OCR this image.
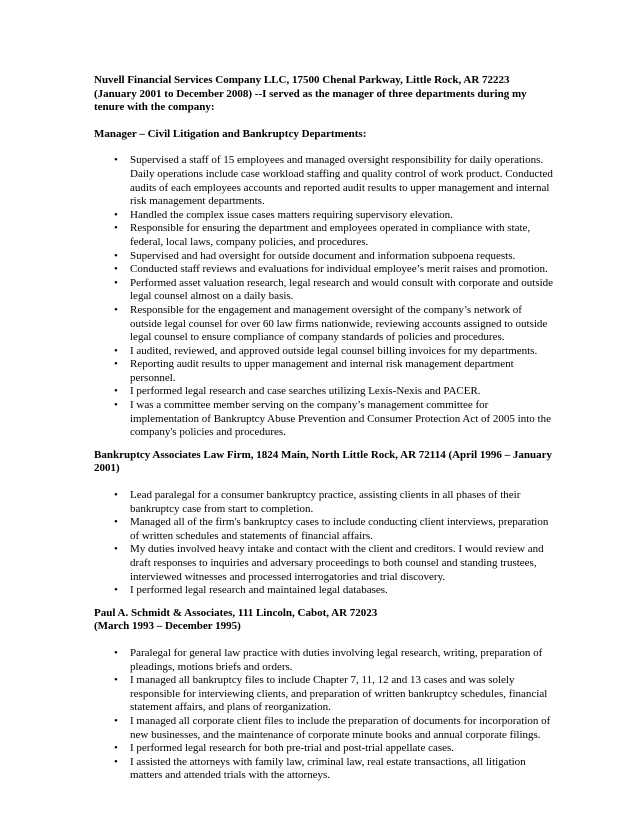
Nuvell Financial Services Company LLC, 17500 Chenal Parkway, Little Rock, AR 72223 (January 2001 to December 2008) --I served as the manager of three departments during my tenure with the company:

Manager – Civil Litigation and Bankruptcy Departments:

• Supervised a staff of 15 employees and managed oversight responsibility for daily operations. Daily operations include case workload staffing and quality control of work product. Conducted audits of each employees accounts and reported audit results to upper management and internal risk management departments.
• Handled the complex issue cases matters requiring supervisory elevation.
• Responsible for ensuring the department and employees operated in compliance with state, federal, local laws, company policies, and procedures.
• Supervised and had oversight for outside document and information subpoena requests.
• Conducted staff reviews and evaluations for individual employee’s merit raises and promotion.
• Performed asset valuation research, legal research and would consult with corporate and outside legal counsel almost on a daily basis.
• Responsible for the engagement and management oversight of the company’s network of outside legal counsel for over 60 law firms nationwide, reviewing accounts assigned to outside legal counsel to ensure compliance of company standards of policies and procedures.
• I audited, reviewed, and approved outside legal counsel billing invoices for my departments.
• Reporting audit results to upper management and internal risk management department personnel.
• I performed legal research and case searches utilizing Lexis-Nexis and PACER.
• I was a committee member serving on the company’s management committee for implementation of Bankruptcy Abuse Prevention and Consumer Protection Act of 2005 into the company's policies and procedures.

Bankruptcy Associates Law Firm, 1824 Main, North Little Rock, AR 72114 (April 1996 – January 2001)

• Lead paralegal for a consumer bankruptcy practice, assisting clients in all phases of their bankruptcy case from start to completion.
• Managed all of the firm's bankruptcy cases to include conducting client interviews, preparation of written schedules and statements of financial affairs.
• My duties involved heavy intake and contact with the client and creditors. I would review and draft responses to inquiries and adversary proceedings to both counsel and standing trustees, interviewed witnesses and processed interrogatories and trial discovery.
• I performed legal research and maintained legal databases.

Paul A. Schmidt & Associates, 111 Lincoln, Cabot, AR 72023
(March 1993 – December 1995)

• Paralegal for general law practice with duties involving legal research, writing, preparation of pleadings, motions briefs and orders.
• I managed all bankruptcy files to include Chapter 7, 11, 12 and 13 cases and was solely responsible for interviewing clients, and preparation of written bankruptcy schedules, financial statement affairs, and plans of reorganization.
• I managed all corporate client files to include the preparation of documents for incorporation of new businesses, and the maintenance of corporate minute books and annual corporate filings.
• I performed legal research for both pre-trial and post-trial appellate cases.
• I assisted the attorneys with family law, criminal law, real estate transactions, all litigation matters and attended trials with the attorneys.
